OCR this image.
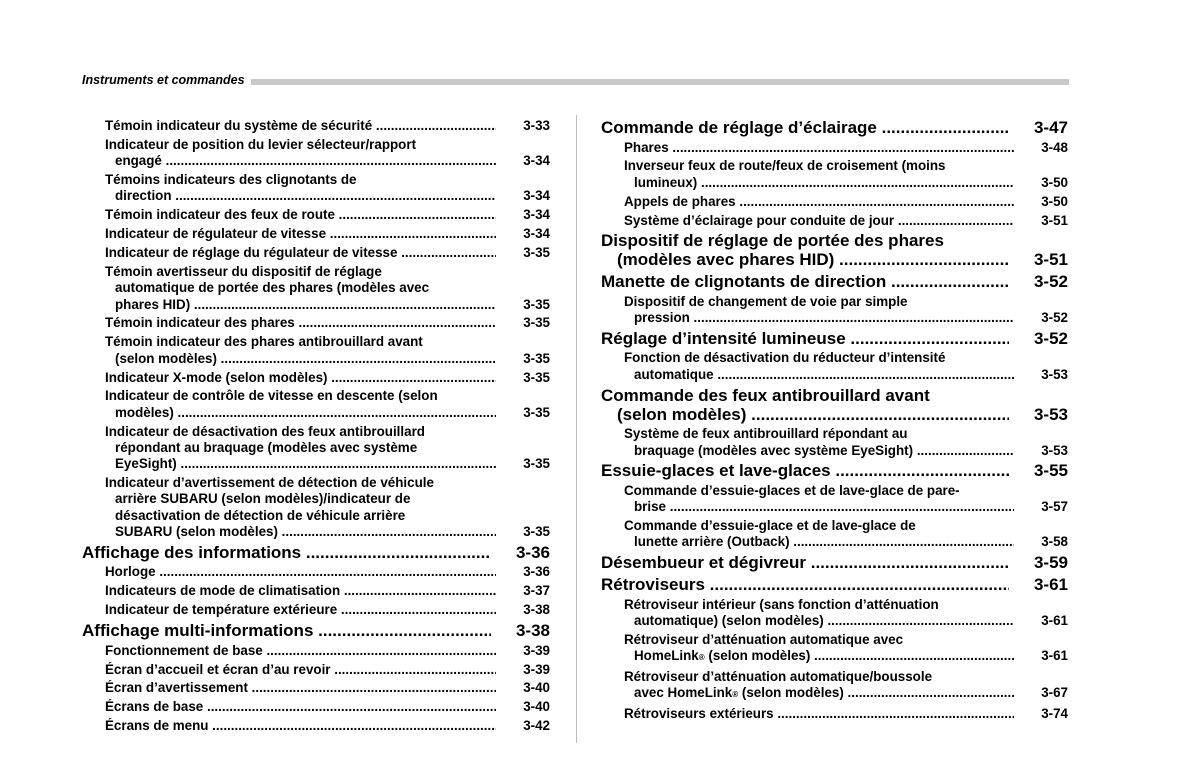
Instruments et commandes
Témoin indicateur du système de sécurité .....	3-33
Indicateur de position du levier sélecteur/rapport
engagé .....	3-34
Témoins indicateurs des clignotants de
direction .....	3-34
Témoin indicateur des feux de route .....	3-34
Indicateur de régulateur de vitesse .....	3-34
Indicateur de réglage du régulateur de vitesse .....	3-35
Témoin avertisseur du dispositif de réglage
automatique de portée des phares (modèles avec
phares HID) .....	3-35
Témoin indicateur des phares .....	3-35
Témoin indicateur des phares antibrouillard avant
(selon modèles) .....	3-35
Indicateur X-mode (selon modèles) .....	3-35
Indicateur de contrôle de vitesse en descente (selon
modèles) .....	3-35
Indicateur de désactivation des feux antibrouillard
répondant au braquage (modèles avec système
EyeSight) .....	3-35
Indicateur d’avertissement de détection de véhicule
arrière SUBARU (selon modèles)/indicateur de
désactivation de détection de véhicule arrière
SUBARU (selon modèles) .....	3-35
Affichage des informations .....	3-36
Horloge .....	3-36
Indicateurs de mode de climatisation .....	3-37
Indicateur de température extérieure .....	3-38
Affichage multi-informations .....	3-38
Fonctionnement de base .....	3-39
Écran d’accueil et écran d’au revoir .....	3-39
Écran d’avertissement .....	3-40
Écrans de base .....	3-40
Écrans de menu .....	3-42
Commande de réglage d’éclairage .....	3-47
Phares .....	3-48
Inverseur feux de route/feux de croisement (moins
lumineux) .....	3-50
Appels de phares .....	3-50
Système d’éclairage pour conduite de jour .....	3-51
Dispositif de réglage de portée des phares
(modèles avec phares HID) .....	3-51
Manette de clignotants de direction .....	3-52
Dispositif de changement de voie par simple
pression .....	3-52
Réglage d’intensité lumineuse .....	3-52
Fonction de désactivation du réducteur d’intensité
automatique .....	3-53
Commande des feux antibrouillard avant
(selon modèles) .....	3-53
Système de feux antibrouillard répondant au
braquage (modèles avec système EyeSight) .....	3-53
Essuie-glaces et lave-glaces .....	3-55
Commande d’essuie-glaces et de lave-glace de pare-
brise .....	3-57
Commande d’essuie-glace et de lave-glace de
lunette arrière (Outback) .....	3-58
Désembueur et dégivreur .....	3-59
Rétroviseurs .....	3-61
Rétroviseur intérieur (sans fonction d’atténuation
automatique) (selon modèles) .....	3-61
Rétroviseur d’atténuation automatique avec
HomeLink® (selon modèles) .....	3-61
Rétroviseur d’atténuation automatique/boussole
avec HomeLink® (selon modèles) .....	3-67
Rétroviseurs extérieurs .....	3-74
